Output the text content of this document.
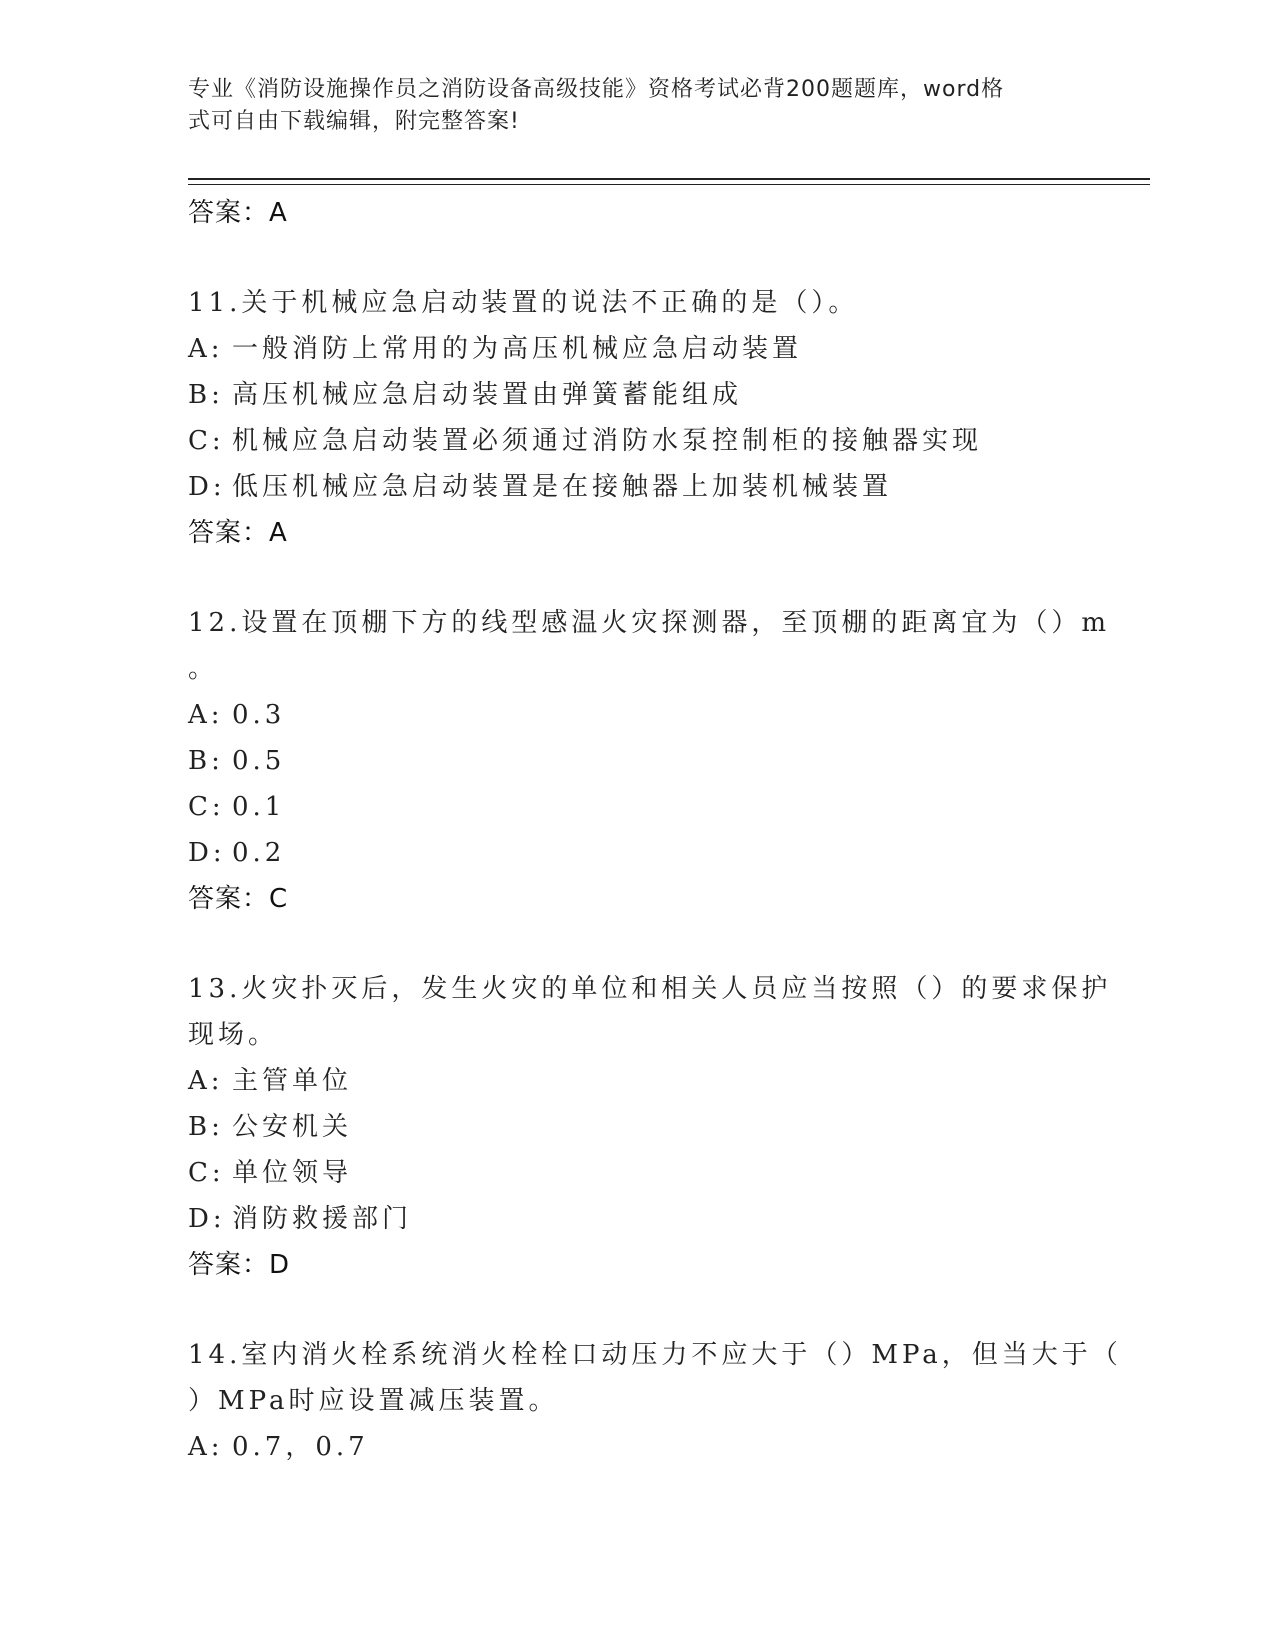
专业《消防设施操作员之消防设备高级技能》资格考试必背200题题库，word格
式可自由下载编辑，附完整答案!
答案：A
11.关于机械应急启动装置的说法不正确的是（）。
A: 一般消防上常用的为高压机械应急启动装置
B: 高压机械应急启动装置由弹簧蓄能组成
C: 机械应急启动装置必须通过消防水泵控制柜的接触器实现
D: 低压机械应急启动装置是在接触器上加装机械装置
答案：A
12.设置在顶棚下方的线型感温火灾探测器，至顶棚的距离宜为（）m
。
A: 0.3
B: 0.5
C: 0.1
D: 0.2
答案：C
13.火灾扑灭后，发生火灾的单位和相关人员应当按照（）的要求保护
现场。
A: 主管单位
B: 公安机关
C: 单位领导
D: 消防救援部门
答案：D
14.室内消火栓系统消火栓栓口动压力不应大于（）MPa，但当大于（
）MPa时应设置减压装置。
A: 0.7，0.7
